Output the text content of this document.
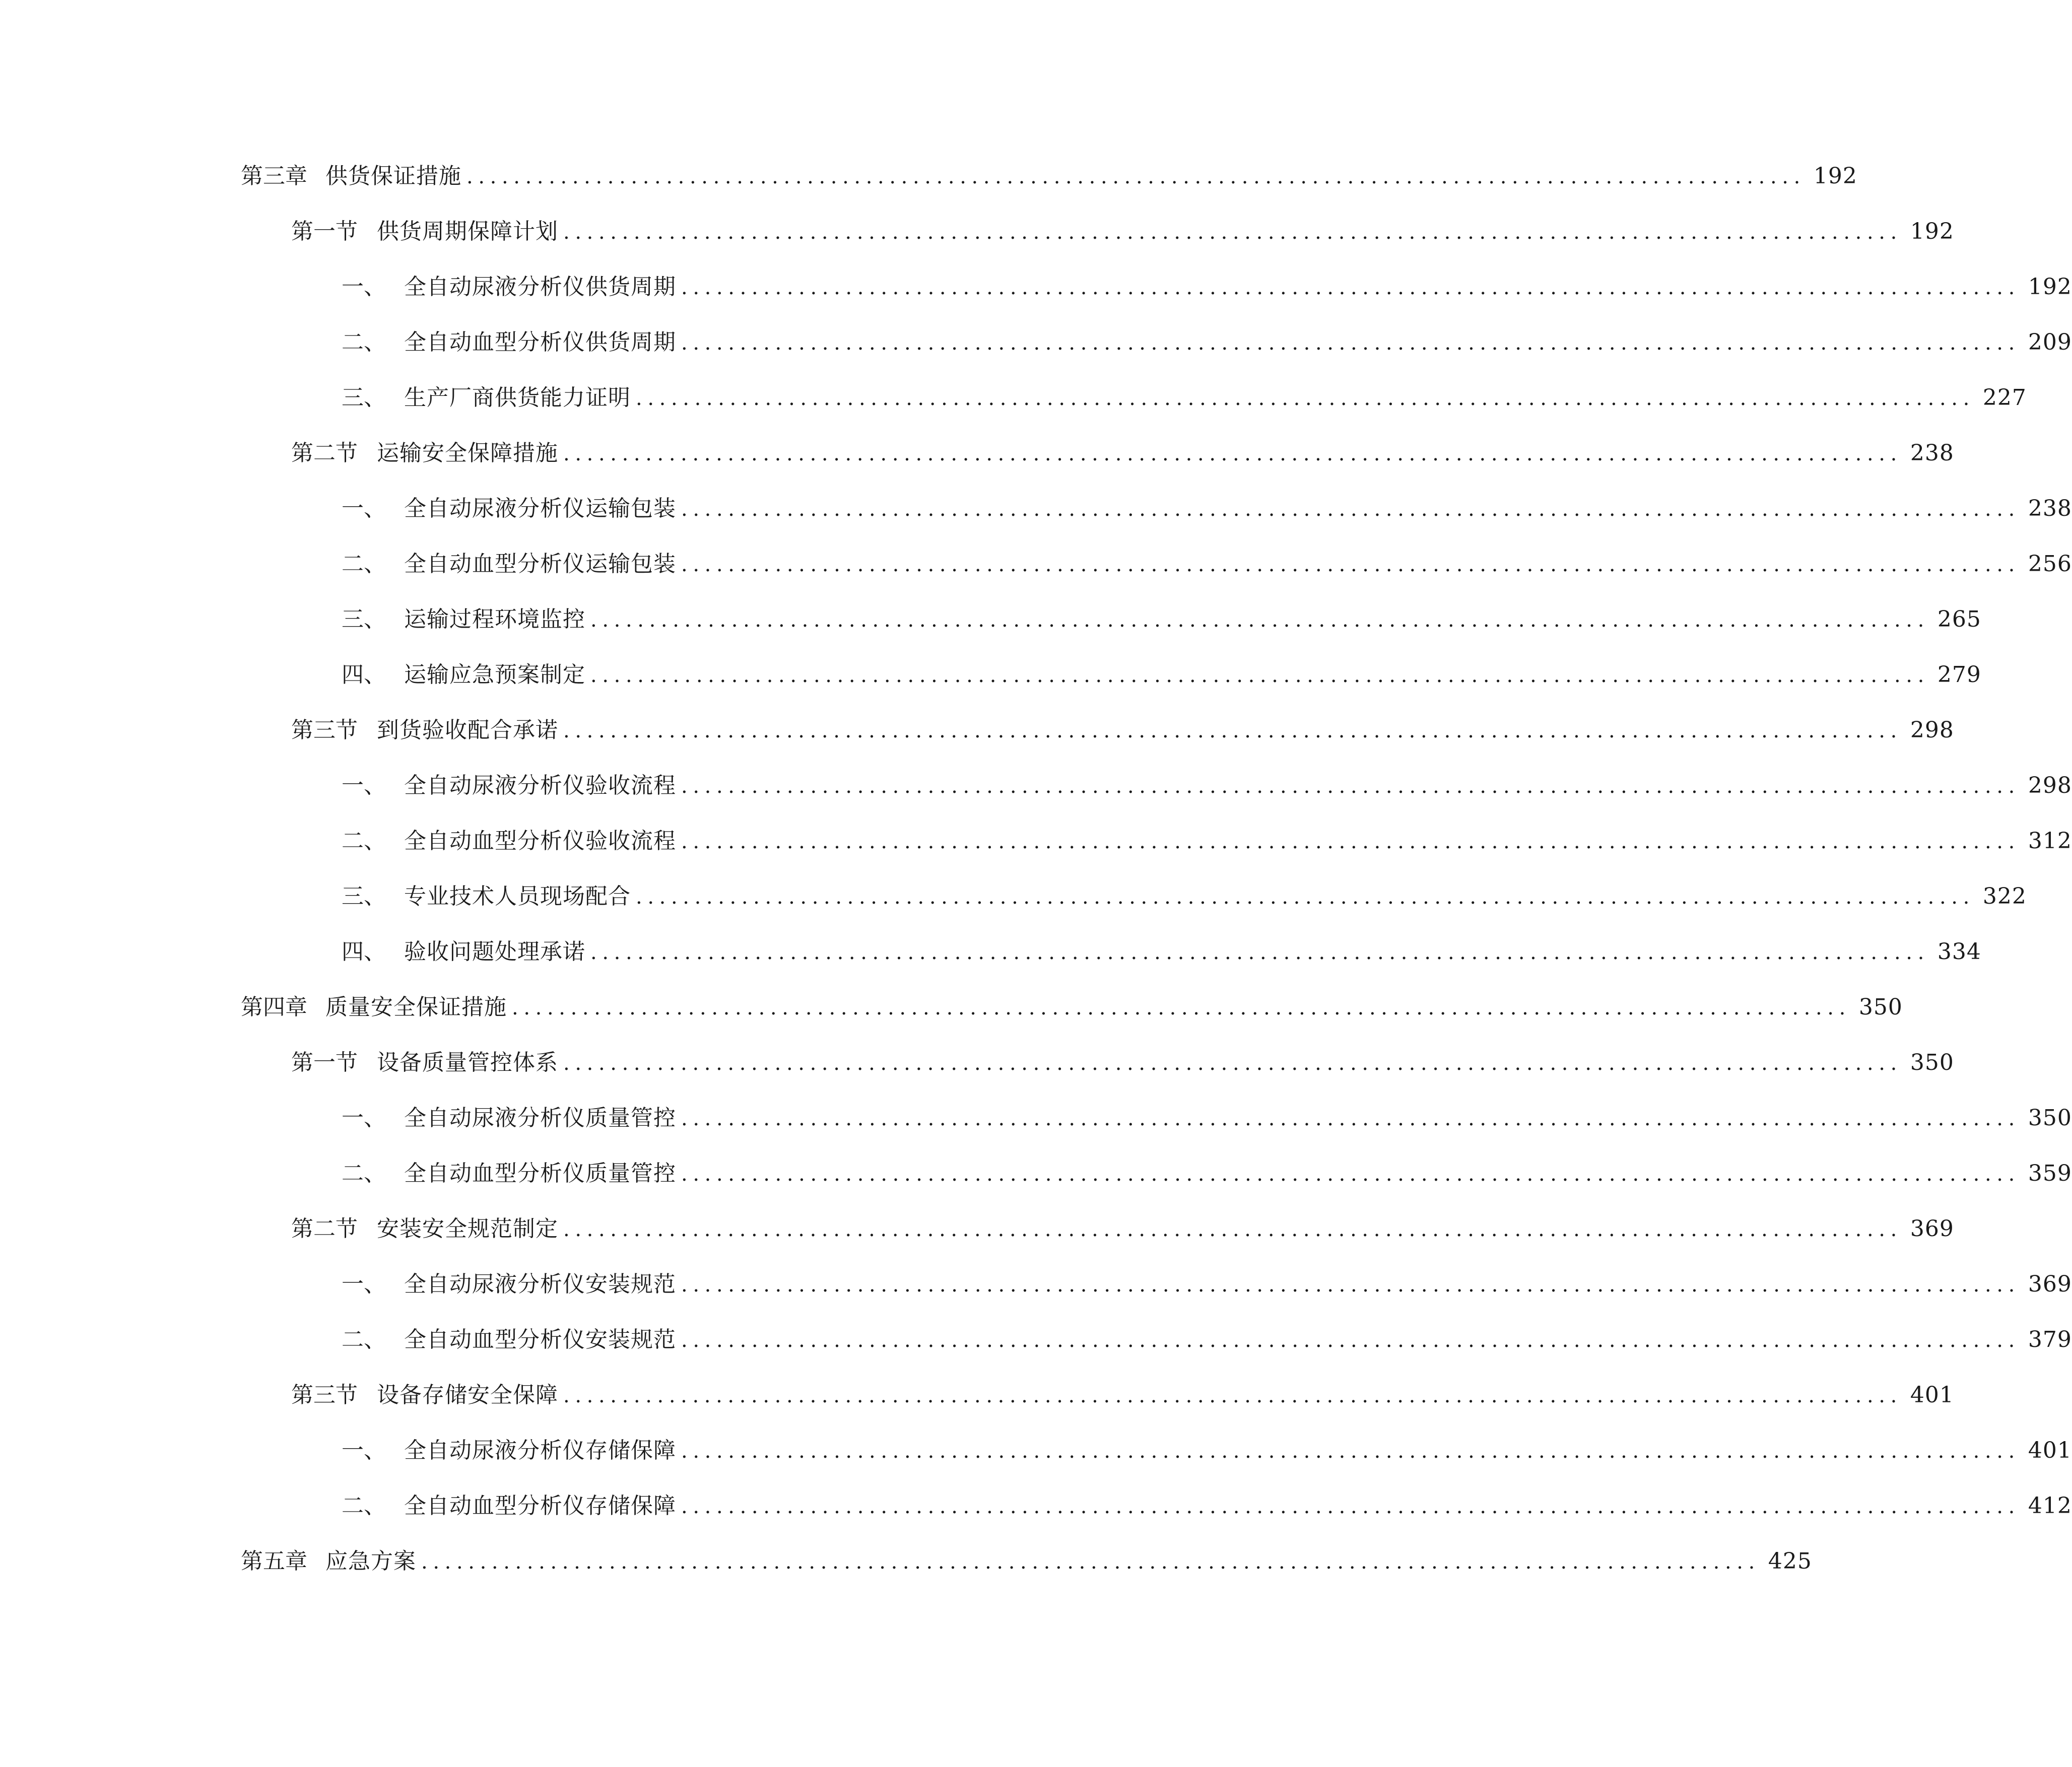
第三章 供货保证措施 .................................................................................................................. 192
第一节 供货周期保障计划 .................................................................................................................. 192
一、 全自动尿液分析仪供货周期 .................................................................................................................. 192
二、 全自动血型分析仪供货周期 .................................................................................................................. 209
三、 生产厂商供货能力证明 .................................................................................................................. 227
第二节 运输安全保障措施 .................................................................................................................. 238
一、 全自动尿液分析仪运输包装 .................................................................................................................. 238
二、 全自动血型分析仪运输包装 .................................................................................................................. 256
三、 运输过程环境监控 .................................................................................................................. 265
四、 运输应急预案制定 .................................................................................................................. 279
第三节 到货验收配合承诺 .................................................................................................................. 298
一、 全自动尿液分析仪验收流程 .................................................................................................................. 298
二、 全自动血型分析仪验收流程 .................................................................................................................. 312
三、 专业技术人员现场配合 .................................................................................................................. 322
四、 验收问题处理承诺 .................................................................................................................. 334
第四章 质量安全保证措施 .................................................................................................................. 350
第一节 设备质量管控体系 .................................................................................................................. 350
一、 全自动尿液分析仪质量管控 .................................................................................................................. 350
二、 全自动血型分析仪质量管控 .................................................................................................................. 359
第二节 安装安全规范制定 .................................................................................................................. 369
一、 全自动尿液分析仪安装规范 .................................................................................................................. 369
二、 全自动血型分析仪安装规范 .................................................................................................................. 379
第三节 设备存储安全保障 .................................................................................................................. 401
一、 全自动尿液分析仪存储保障 .................................................................................................................. 401
二、 全自动血型分析仪存储保障 .................................................................................................................. 412
第五章 应急方案 .................................................................................................................. 425
